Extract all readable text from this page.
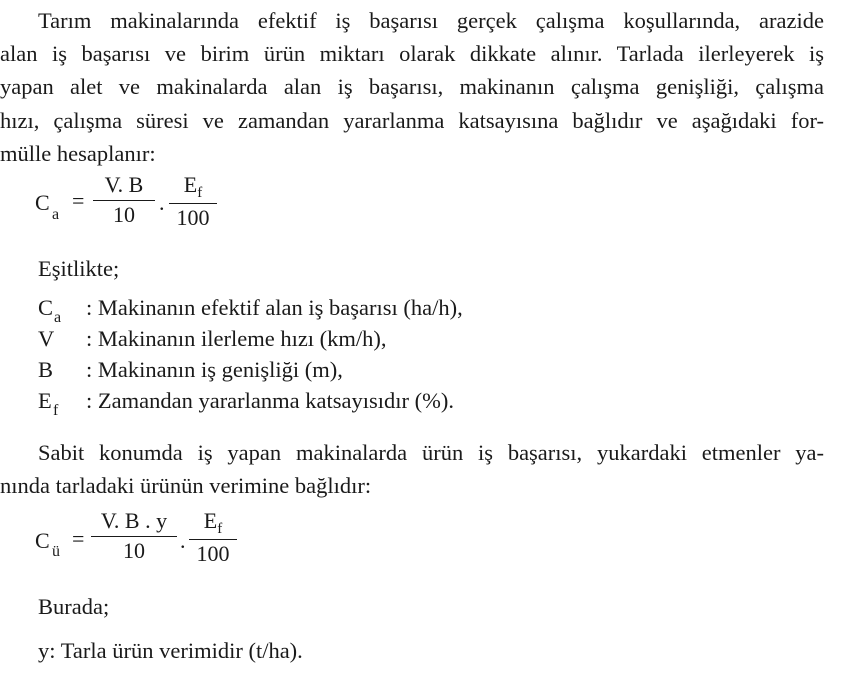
Tarım makinalarında efektif iş başarısı gerçek çalışma koşullarında, arazide
alan iş başarısı ve birim ürün miktarı olarak dikkate alınır. Tarlada ilerleyerek iş
yapan alet ve makinalarda alan iş başarısı, makinanın çalışma genişliği, çalışma
hızı, çalışma süresi ve zamandan yararlanma katsayısına bağlıdır ve aşağıdaki for-
mülle hesaplanır:
C a
=
V. B
10	.
$E_f$
100
Eşitlikte;
C a : Makinanın efektif alan iş başarısı (ha/h),
V : Makinanın ilerleme hızı (km/h),
B : Makinanın iş genişliği (m),
E f : Zamandan yararlanma katsayısıdır (%).
Sabit konumda iş yapan makinalarda ürün iş başarısı, yukardaki etmenler ya-
nında tarladaki ürünün verimine bağlıdır:
C ü
=
V. B . y
10	.
$E_f$
100
Burada;
y: Tarla ürün verimidir (t/ha).
